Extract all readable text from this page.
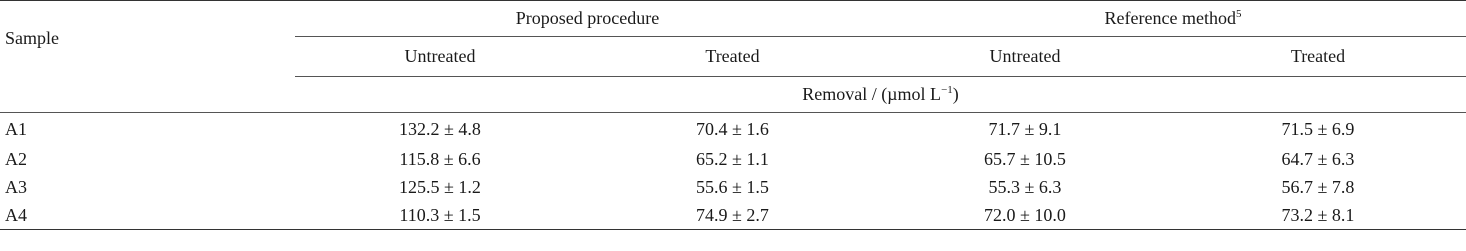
Sample	Proposed procedure		Reference method$^5$
	Untreated	Treated	Untreated	Treated
	Removal / (µmol $L^{-1}$)			
A1	132.2 ± 4.8	70.4 ± 1.6	71.7 ± 9.1	71.5 ± 6.9
A2	115.8 ± 6.6	65.2 ± 1.1	65.7 ± 10.5	64.7 ± 6.3
A3	125.5 ± 1.2	55.6 ± 1.5	55.3 ± 6.3	56.7 ± 7.8
A4	110.3 ± 1.5	74.9 ± 2.7	72.0 ± 10.0	73.2 ± 8.1
